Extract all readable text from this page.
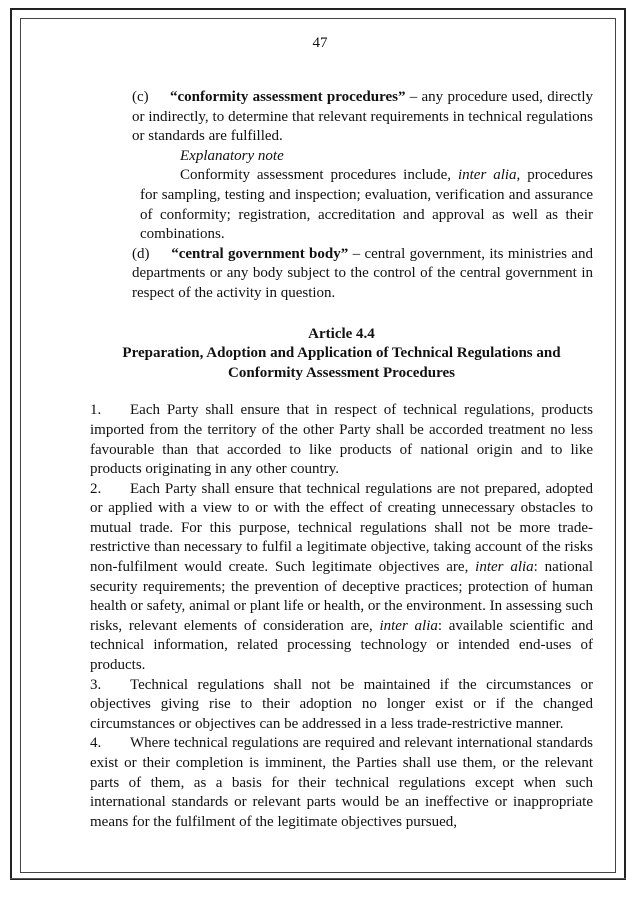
47

(c) “conformity assessment procedures” – any procedure used, directly or indirectly, to determine that relevant requirements in technical regulations or standards are fulfilled.

Explanatory note

Conformity assessment procedures include, inter alia, procedures for sampling, testing and inspection; evaluation, verification and assurance of conformity; registration, accreditation and approval as well as their combinations.

(d) “central government body” – central government, its ministries and departments or any body subject to the control of the central government in respect of the activity in question.

Article 4.4

Preparation, Adoption and Application of Technical Regulations and
Conformity Assessment Procedures

1. Each Party shall ensure that in respect of technical regulations, products imported from the territory of the other Party shall be accorded treatment no less favourable than that accorded to like products of national origin and to like products originating in any other country.

2. Each Party shall ensure that technical regulations are not prepared, adopted or applied with a view to or with the effect of creating unnecessary obstacles to mutual trade. For this purpose, technical regulations shall not be more trade-restrictive than necessary to fulfil a legitimate objective, taking account of the risks non-fulfilment would create. Such legitimate objectives are, inter alia: national security requirements; the prevention of deceptive practices; protection of human health or safety, animal or plant life or health, or the environment. In assessing such risks, relevant elements of consideration are, inter alia: available scientific and technical information, related processing technology or intended end-uses of products.

3. Technical regulations shall not be maintained if the circumstances or objectives giving rise to their adoption no longer exist or if the changed circumstances or objectives can be addressed in a less trade-restrictive manner.

4. Where technical regulations are required and relevant international standards exist or their completion is imminent, the Parties shall use them, or the relevant parts of them, as a basis for their technical regulations except when such international standards or relevant parts would be an ineffective or inappropriate means for the fulfilment of the legitimate objectives pursued,
